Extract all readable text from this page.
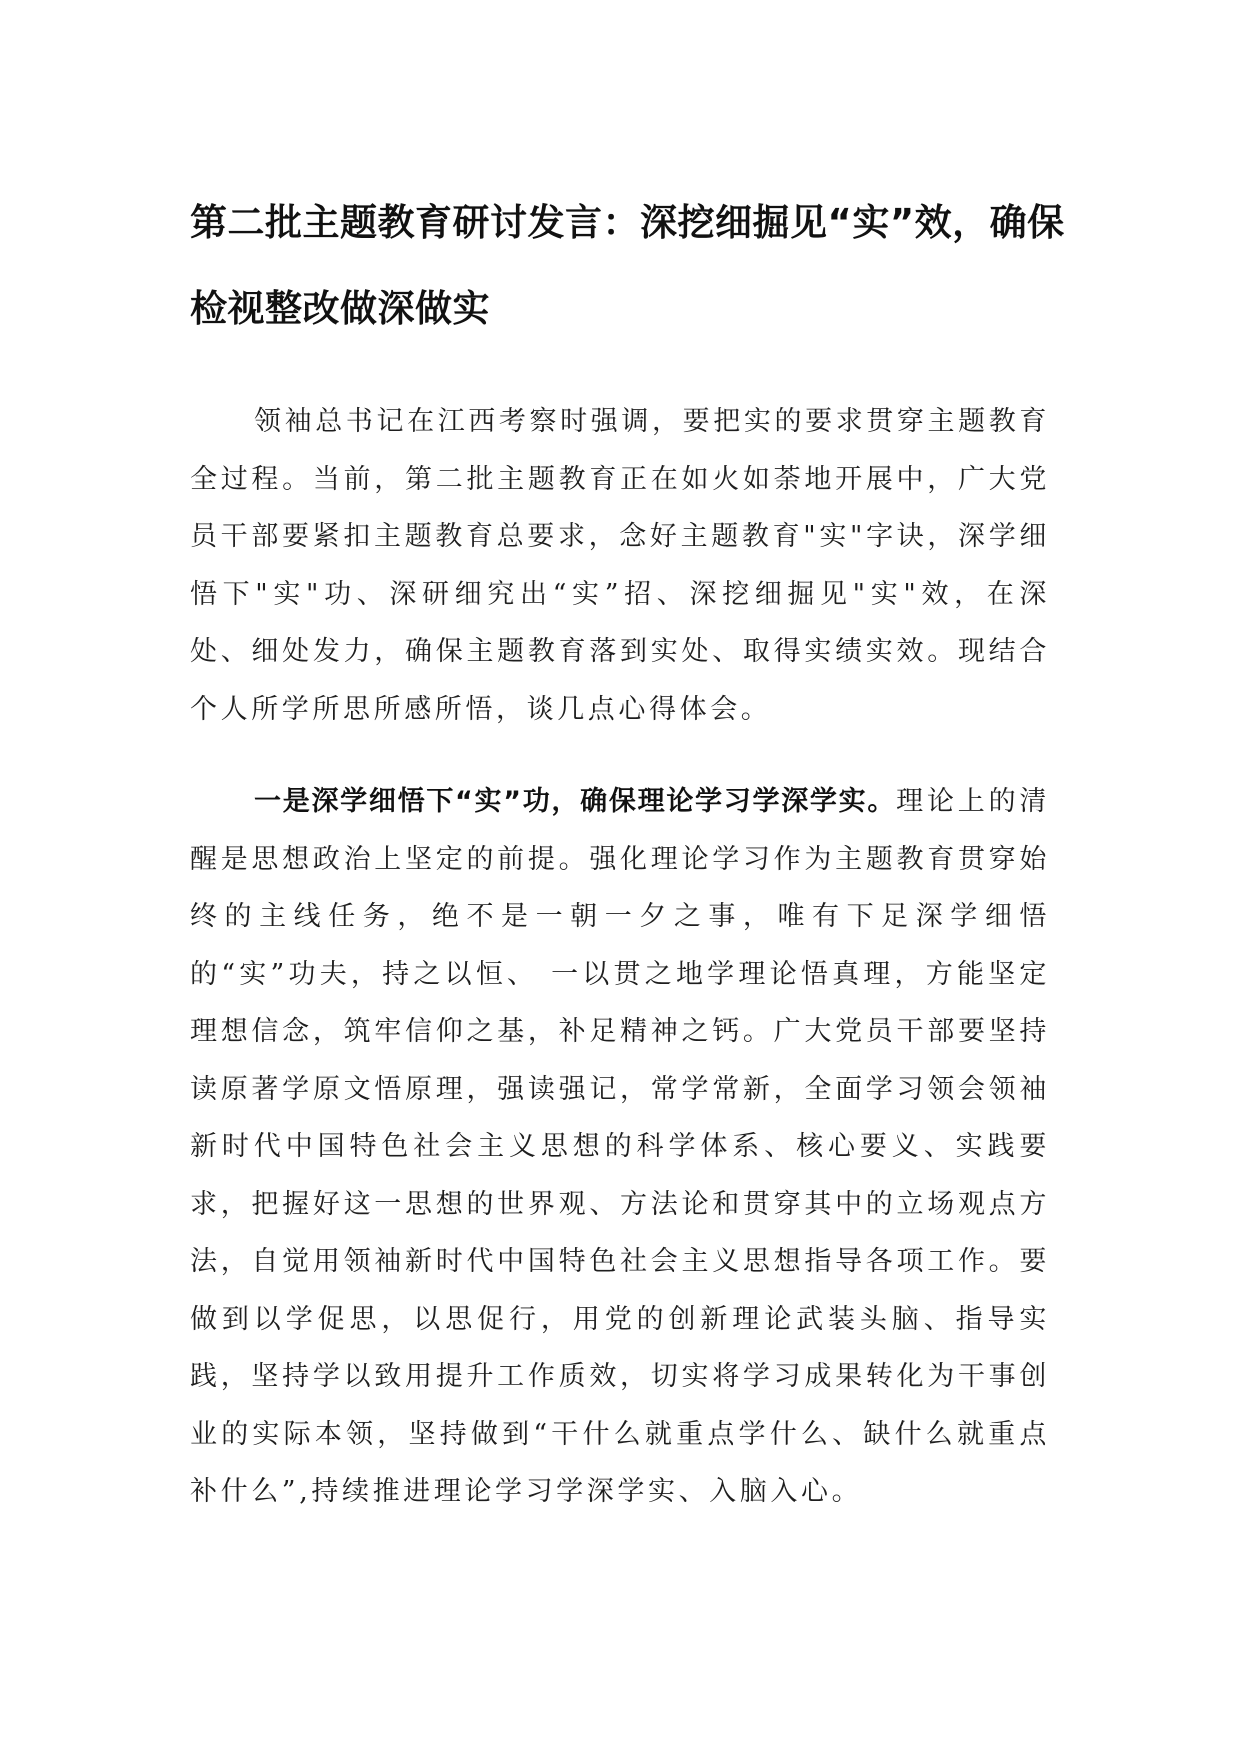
第二批主题教育研讨发言：深挖细掘见“实”效，确保检视整改做深做实

领袖总书记在江西考察时强调，要把实的要求贯穿主题教育全过程。当前，第二批主题教育正在如火如荼地开展中，广大党员干部要紧扣主题教育总要求，念好主题教育"实"字诀，深学细悟下"实"功、深研细究出“实”招、深挖细掘见"实"效，在深处、细处发力，确保主题教育落到实处、取得实绩实效。现结合个人所学所思所感所悟，谈几点心得体会。

一是深学细悟下“实”功，确保理论学习学深学实。理论上的清醒是思想政治上坚定的前提。强化理论学习作为主题教育贯穿始终的主线任务，绝不是一朝一夕之事，唯有下足深学细悟的“实”功夫，持之以恒、 一以贯之地学理论悟真理，方能坚定理想信念，筑牢信仰之基，补足精神之钙。广大党员干部要坚持读原著学原文悟原理，强读强记，常学常新，全面学习领会领袖新时代中国特色社会主义思想的科学体系、核心要义、实践要求，把握好这一思想的世界观、方法论和贯穿其中的立场观点方法，自觉用领袖新时代中国特色社会主义思想指导各项工作。要做到以学促思，以思促行，用党的创新理论武装头脑、指导实践，坚持学以致用提升工作质效，切实将学习成果转化为干事创业的实际本领，坚持做到“干什么就重点学什么、缺什么就重点补什么”,持续推进理论学习学深学实、入脑入心。
